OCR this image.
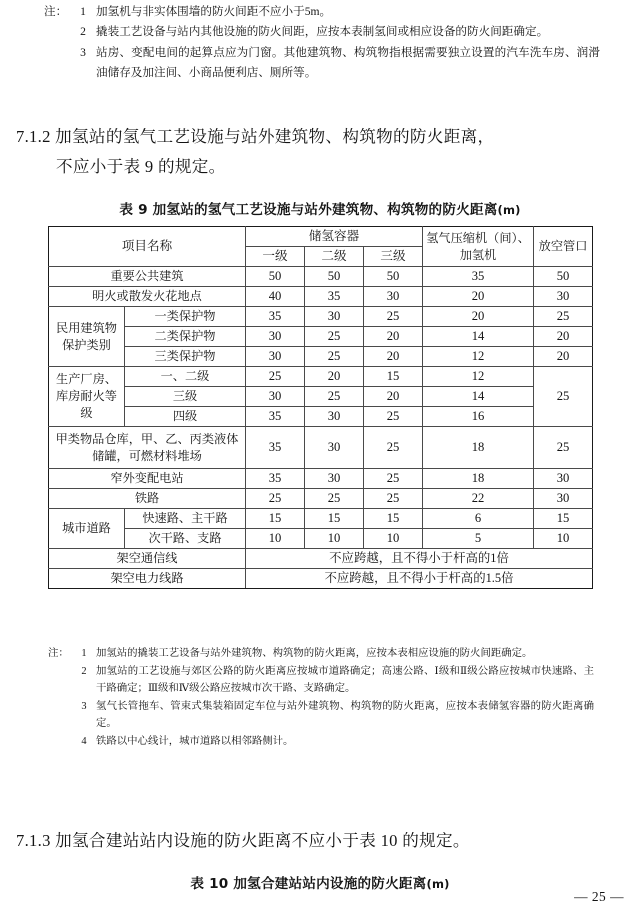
注：	1 加氢机与非实体围墙的防火间距不应小于5m。
2 撬装工艺设备与站内其他设施的防火间距，应按本表制氢间或相应设备的防火间距确定。
3 站房、变配电间的起算点应为门窗。其他建筑物、构筑物指根据需要独立设置的汽车洗车房、润滑油储存及加注间、小商品便利店、厕所等。
7.1.2 加氢站的氢气工艺设施与站外建筑物、构筑物的防火距离，
不应小于表 9 的规定。
表 9 加氢站的氢气工艺设施与站外建筑物、构筑物的防火距离(m)
项目名称		储氢容器			氢气压缩机（间）、加氢机	放空管口
		一级	二级	三级		
重要公共建筑		50	50	50	35	50
明火或散发火花地点		40	35	30	20	30
民用建筑物保护类别	一类保护物	35	30	25	20	25
	二类保护物	30	25	20	14	20
	三类保护物	30	25	20	12	20
生产厂房、库房耐火等级	一、二级	25	20	15	12	25
	三级	30	25	20	14	
	四级	35	30	25	16	
甲类物品仓库，甲、乙、丙类液体储罐，可燃材料堆场		35	30	25	18	25
窄外变配电站		35	30	25	18	30
铁路		25	25	25	22	30
城市道路	快速路、主干路	15	15	15	6	15
	次干路、支路	10	10	10	5	10
架空通信线		不应跨越，且不得小于杆高的1倍				
架空电力线路		不应跨越，且不得小于杆高的1.5倍				
注：	1 加氢站的撬装工艺设备与站外建筑物、构筑物的防火距离，应按本表相应设施的防火间距确定。
2 加氢站的工艺设施与郊区公路的防火距离应按城市道路确定；高速公路、Ⅰ级和Ⅱ级公路应按城市快速路、主干路确定；Ⅲ级和Ⅳ级公路应按城市次干路、支路确定。
3 氢气长管拖车、管束式集装箱固定车位与站外建筑物、构筑物的防火距离，应按本表储氢容器的防火距离确定。
4 铁路以中心线计，城市道路以相邻路侧计。
7.1.3 加氢合建站站内设施的防火距离不应小于表 10 的规定。
表 10 加氢合建站站内设施的防火距离(m)
— 25 —
